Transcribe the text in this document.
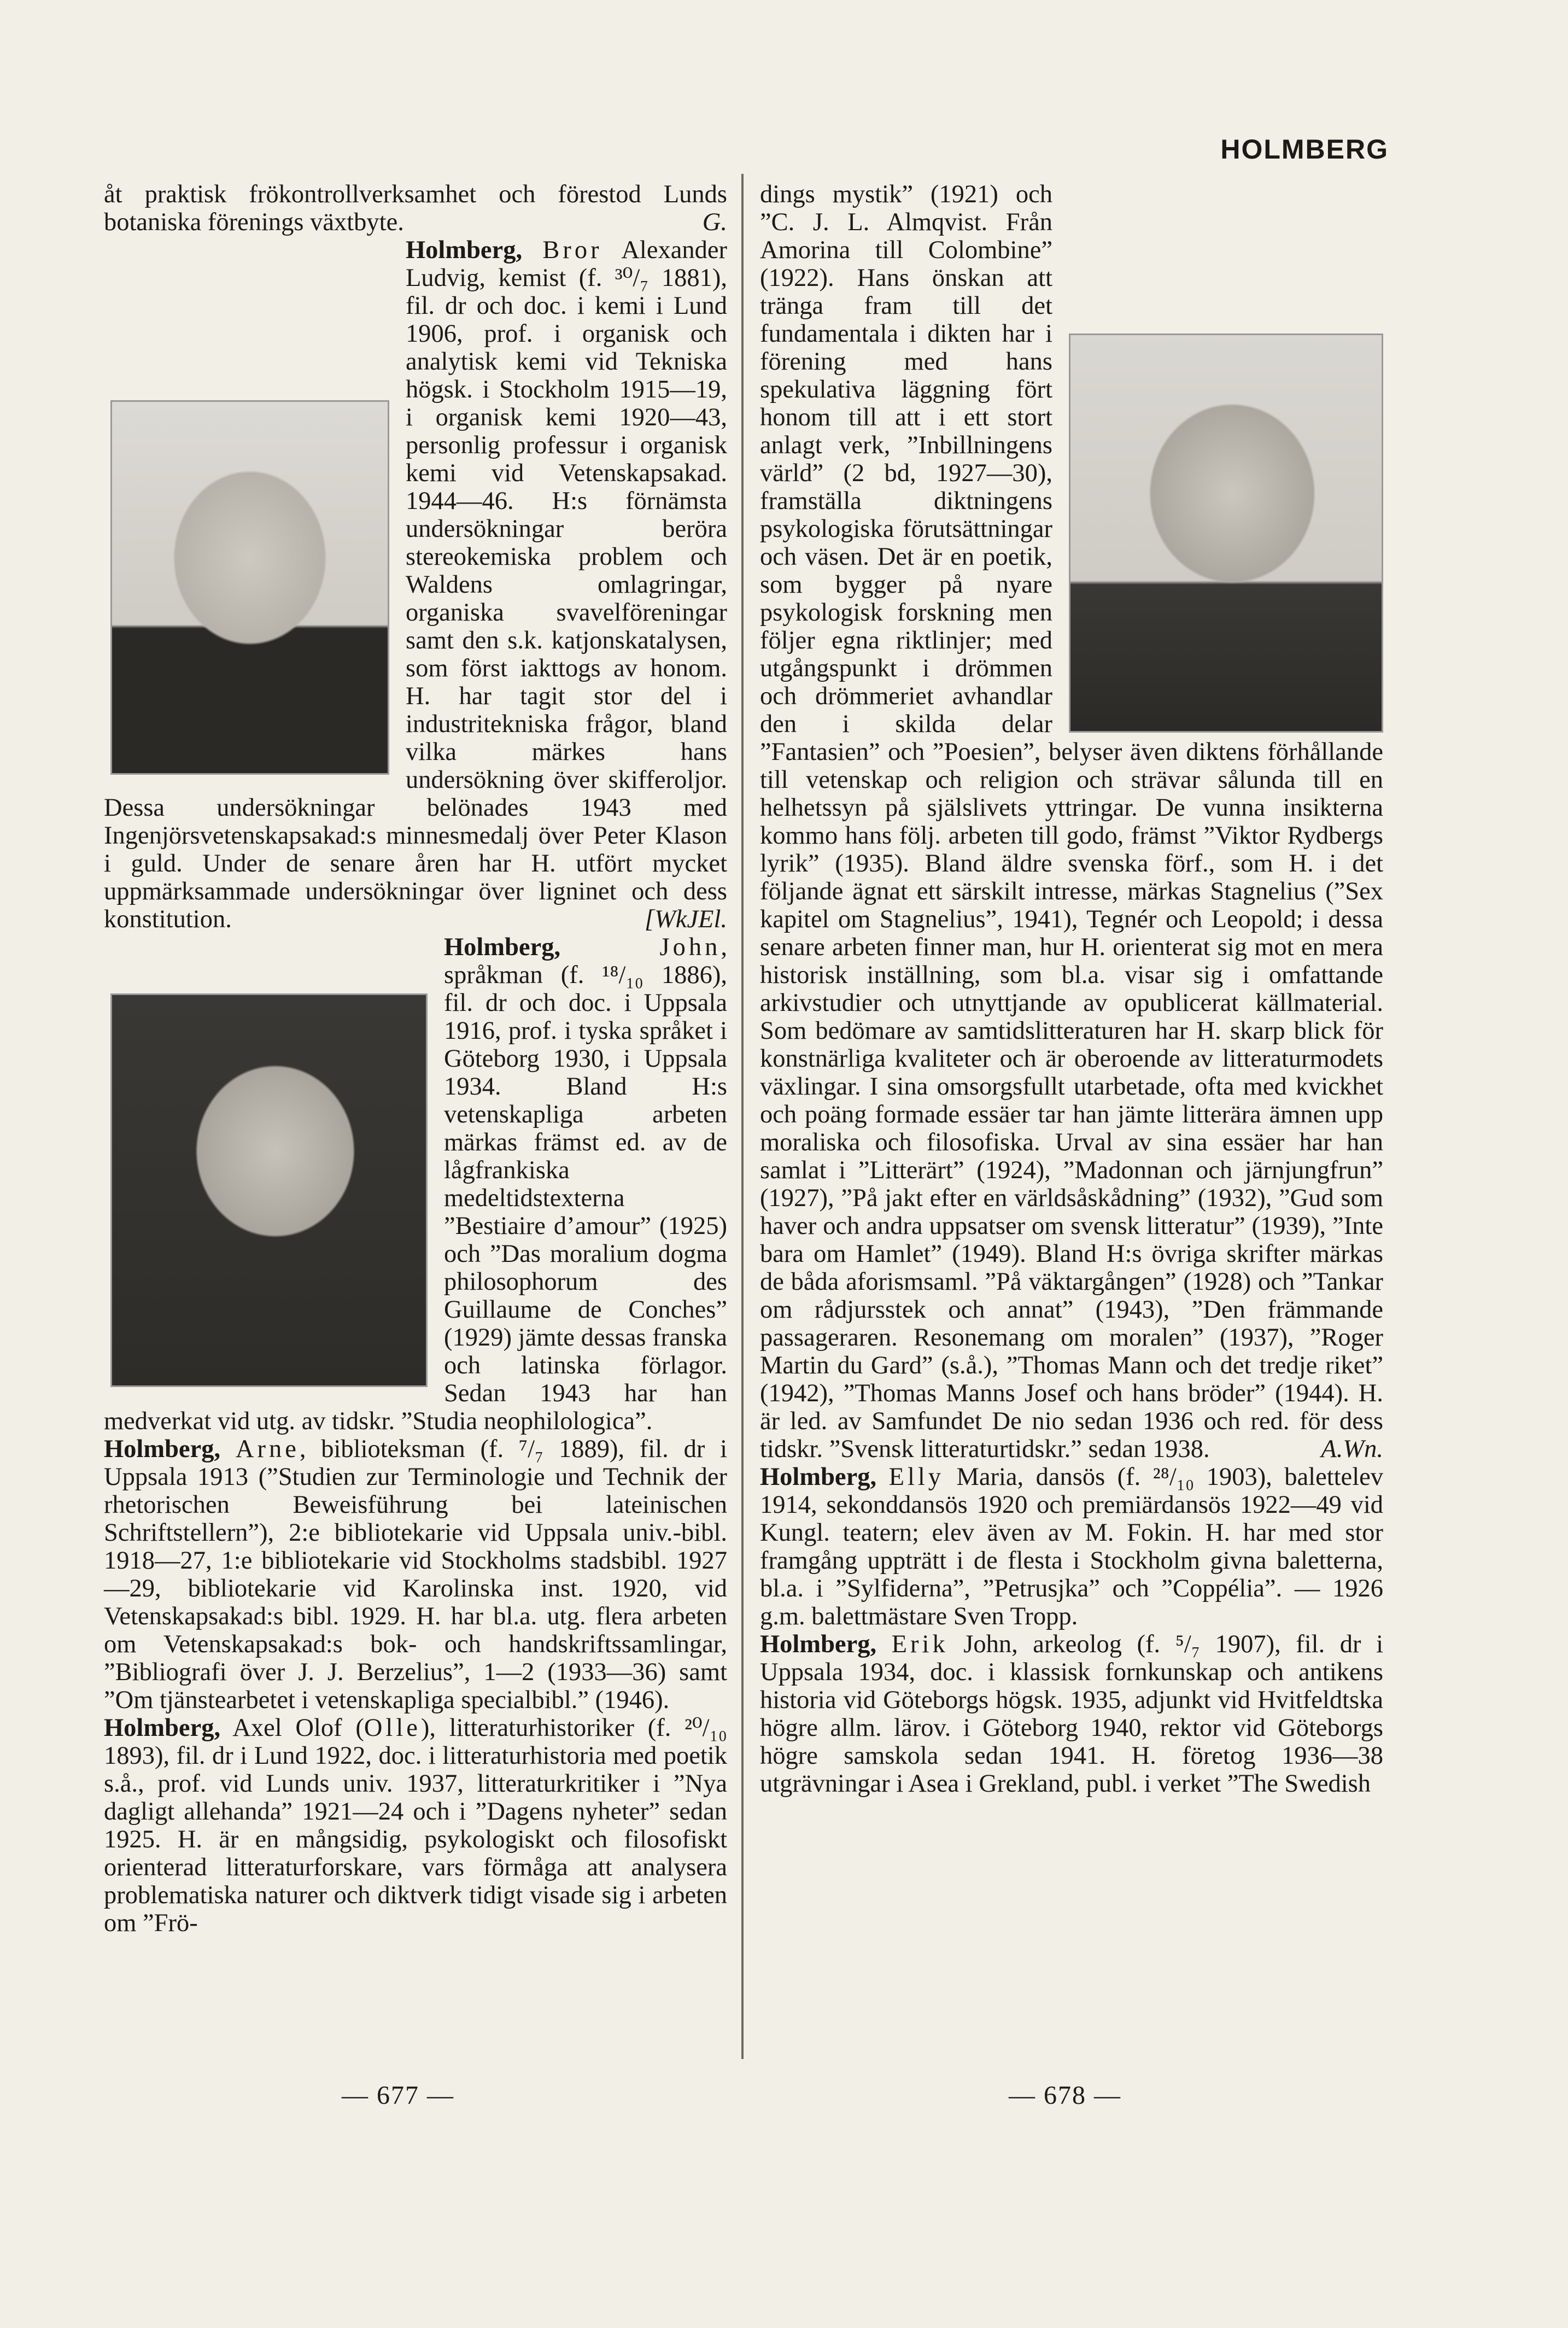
HOLMBERG

åt praktisk frökontrollverksamhet och förestod Lunds botaniska förenings växtbyte.	G.

Holmberg, Bror Alexander Ludvig, kemist (f. ³⁰/₇ 1881), fil. dr och doc. i kemi i Lund 1906, prof. i organisk och analytisk kemi vid Tekniska högsk. i Stockholm 1915—19, i organisk kemi 1920—43, personlig professur i organisk kemi vid Vetenskapsakad. 1944—46. H:s förnämsta undersökningar beröra stereokemiska problem och Waldens omlagringar, organiska svavelföreningar samt den s.k. katjonskatalysen, som först iakttogs av honom. H. har tagit stor del i industritekniska frågor, bland vilka märkes hans undersökning över skifferoljor. Dessa undersökningar belönades 1943 med Ingenjörsvetenskapsakad:s minnesmedalj över Peter Klason i guld. Under de senare åren har H. utfört mycket uppmärksammade undersökningar över ligninet och dess konstitution.	[WkJEl.

Holmberg,	John, språkman (f. ¹⁸/₁₀ 1886), fil. dr och doc. i Uppsala 1916, prof. i tyska språket i Göteborg 1930, i Uppsala 1934. Bland H:s vetenskapliga arbeten märkas främst ed. av de lågfrankiska medeltidstexterna ”Bestiaire d’amour” (1925) och ”Das moralium dogma philosophorum des Guillaume de Conches” (1929) jämte dessas franska och latinska förlagor. Sedan 1943 har han medverkat vid utg. av tidskr. ”Studia neophilologica”.

Holmberg, Arne, biblioteksman (f. ⁷/₇ 1889), fil. dr i Uppsala 1913 (”Studien zur Terminologie und Technik der rhetorischen Beweisführung bei lateinischen Schriftstellern”), 2:e bibliotekarie vid Uppsala univ.-bibl. 1918—27, 1:e bibliotekarie vid Stockholms stadsbibl. 1927—29, bibliotekarie vid Karolinska inst. 1920, vid Vetenskapsakad:s bibl. 1929. H. har bl.a. utg. flera arbeten om Vetenskapsakad:s bok- och handskriftssamlingar, ”Bibliografi över J. J. Berzelius”, 1—2 (1933—36) samt ”Om tjänstearbetet i vetenskapliga specialbibl.” (1946).

Holmberg, Axel Olof (Olle), litteraturhistoriker (f. ²⁰/₁₀ 1893), fil. dr i Lund 1922, doc. i litteraturhistoria med poetik s.å., prof. vid Lunds univ. 1937, litteraturkritiker i ”Nya dagligt allehanda” 1921—24 och i ”Dagens nyheter” sedan 1925. H. är en mångsidig, psykologiskt och filosofiskt orienterad litteraturforskare, vars förmåga att analysera problematiska naturer och diktverk tidigt visade sig i arbeten om ”Frö-

dings mystik” (1921) och ”C. J. L. Almqvist. Från Amorina till Colombine” (1922). Hans önskan att tränga fram till det fundamentala i dikten har i förening med hans spekulativa läggning fört honom till att i ett stort anlagt verk, ”Inbillningens värld” (2 bd, 1927—30), framställa diktningens psykologiska förutsättningar och väsen. Det är en poetik, som bygger på nyare psykologisk forskning men följer egna riktlinjer; med utgångspunkt i drömmen och drömmeriet avhandlar den i skilda delar ”Fantasien” och ”Poesien”, belyser även diktens förhållande till vetenskap och religion och strävar sålunda till en helhetssyn på själslivets yttringar. De vunna insikterna kommo hans följ. arbeten till godo, främst ”Viktor Rydbergs lyrik” (1935). Bland äldre svenska förf., som H. i det följande ägnat ett särskilt intresse, märkas Stagnelius (”Sex kapitel om Stagnelius”, 1941), Tegnér och Leopold; i dessa senare arbeten finner man, hur H. orienterat sig mot en mera historisk inställning, som bl.a. visar sig i omfattande arkivstudier och utnyttjande av opublicerat källmaterial. Som bedömare av samtidslitteraturen har H. skarp blick för konstnärliga kvaliteter och är oberoende av litteraturmodets växlingar. I sina omsorgsfullt utarbetade, ofta med kvickhet och poäng formade essäer tar han jämte litterära ämnen upp moraliska och filosofiska. Urval av sina essäer har han samlat i ”Litterärt” (1924), ”Madonnan och järnjungfrun” (1927), ”På jakt efter en världsåskådning” (1932), ”Gud som haver och andra uppsatser om svensk litteratur” (1939), ”Inte bara om Hamlet” (1949). Bland H:s övriga skrifter märkas de båda aforismsaml. ”På väktargången” (1928) och ”Tankar om rådjursstek och annat” (1943), ”Den främmande passageraren. Resonemang om moralen” (1937), ”Roger Martin du Gard” (s.å.), ”Thomas Mann och det tredje riket” (1942), ”Thomas Manns Josef och hans bröder” (1944). H. är led. av Samfundet De nio sedan 1936 och red. för dess tidskr. ”Svensk litteraturtidskr.” sedan 1938.	A.Wn.

Holmberg, Elly Maria, dansös (f. ²⁸/₁₀ 1903), balettelev 1914, sekonddansös 1920 och premiärdansös 1922—49 vid Kungl. teatern; elev även av M. Fokin. H. har med stor framgång uppträtt i de flesta i Stockholm givna baletterna, bl.a. i ”Sylfiderna”, ”Petrusjka” och ”Coppélia”. — 1926 g.m. balettmästare Sven Tropp.

Holmberg, Erik John, arkeolog (f. ⁵/₇ 1907), fil. dr i Uppsala 1934, doc. i klassisk fornkunskap och antikens historia vid Göteborgs högsk. 1935, adjunkt vid Hvitfeldtska högre allm. lärov. i Göteborg 1940, rektor vid Göteborgs högre samskola sedan 1941. H. företog 1936—38 utgrävningar i Asea i Grekland, publ. i verket ”The Swedish

— 677 —	— 678 —
